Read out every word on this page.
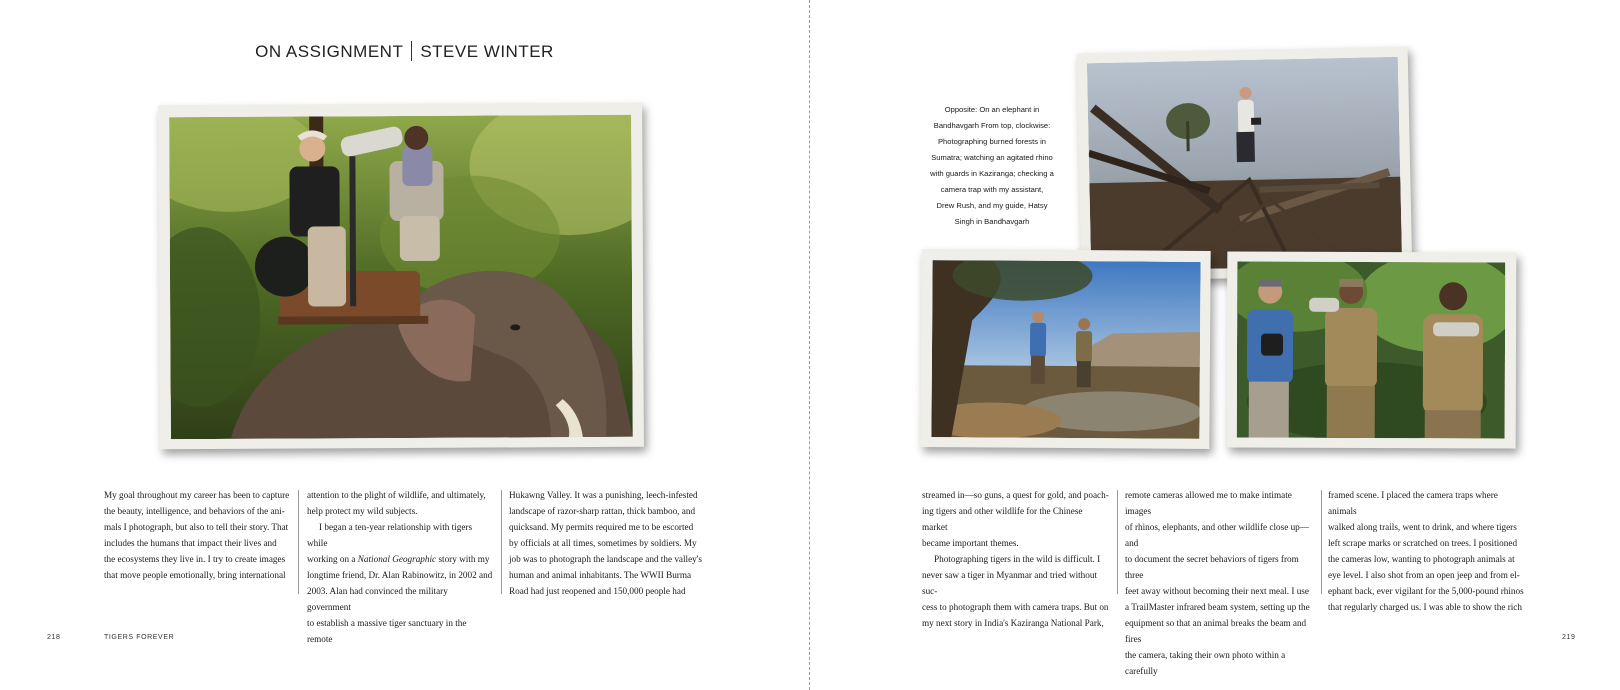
ON ASSIGNMENT STEVE WINTER

My goal throughout my career has been to capture
the beauty, intelligence, and behaviors of the ani-
mals I photograph, but also to tell their story. That
includes the humans that impact their lives and
the ecosystems they live in. I try to create images
that move people emotionally, bring international

attention to the plight of wildlife, and ultimately,
help protect my wild subjects.

I began a ten-year relationship with tigers while
working on a National Geographic story with my
longtime friend, Dr. Alan Rabinowitz, in 2002 and
2003. Alan had convinced the military government
to establish a massive tiger sanctuary in the remote

Hukawng Valley. It was a punishing, leech-infested
landscape of razor-sharp rattan, thick bamboo, and
quicksand. My permits required me to be escorted
by officials at all times, sometimes by soldiers. My
job was to photograph the landscape and the valley's
human and animal inhabitants. The WWII Burma
Road had just reopened and 150,000 people had

218	TIGERS FOREVER
Opposite: On an elephant in
Bandhavgarh From top, clockwise:
Photographing burned forests in
Sumatra; watching an agitated rhino
with guards in Kaziranga; checking a
camera trap with my assistant,
Drew Rush, and my guide, Hatsy
Singh in Bandhavgarh

streamed in—so guns, a quest for gold, and poach-
ing tigers and other wildlife for the Chinese market
became important themes.

Photographing tigers in the wild is difficult. I
never saw a tiger in Myanmar and tried without suc-
cess to photograph them with camera traps. But on
my next story in India's Kaziranga National Park,

remote cameras allowed me to make intimate images
of rhinos, elephants, and other wildlife close up—and
to document the secret behaviors of tigers from three
feet away without becoming their next meal. I use
a TrailMaster infrared beam system, setting up the
equipment so that an animal breaks the beam and fires
the camera, taking their own photo within a carefully

framed scene. I placed the camera traps where animals
walked along trails, went to drink, and where tigers
left scrape marks or scratched on trees. I positioned
the cameras low, wanting to photograph animals at
eye level. I also shot from an open jeep and from el-
ephant back, ever vigilant for the 5,000-pound rhinos
that regularly charged us. I was able to show the rich

219
